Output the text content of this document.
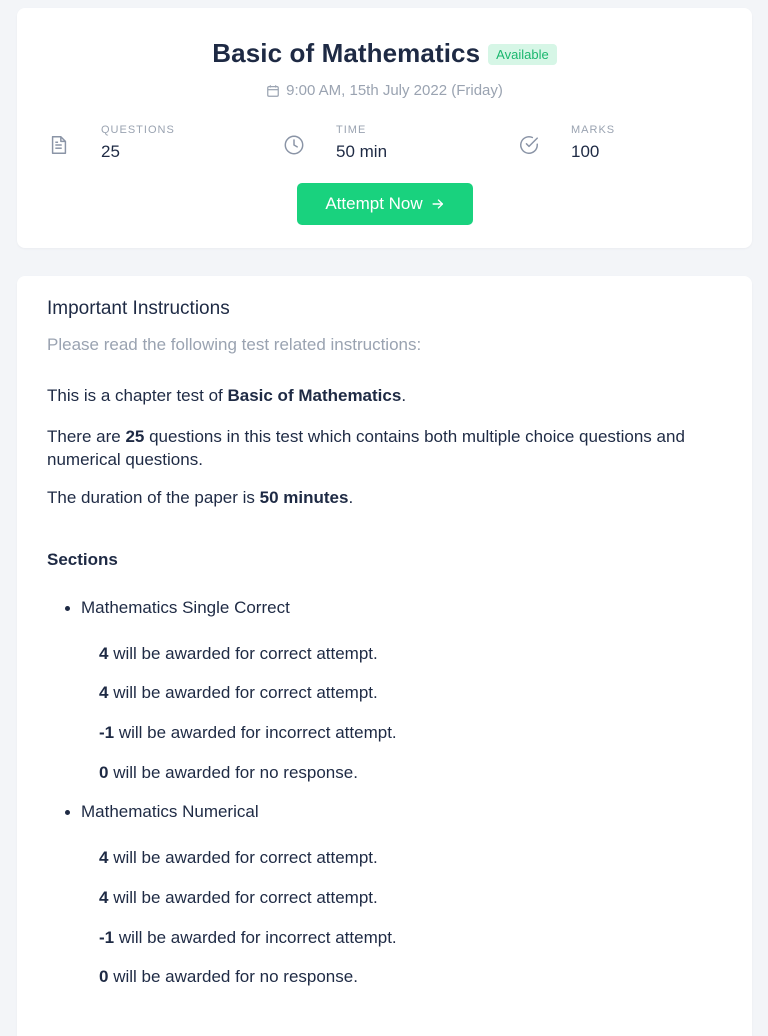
Basic of Mathematics	Available
9:00 AM, 15th July 2022 (Friday)
QUESTIONS
25
TIME
50 min
MARKS
100
Attempt Now
Important Instructions
Please read the following test related instructions:
This is a chapter test of Basic of Mathematics.
There are 25 questions in this test which contains both multiple choice questions and numerical questions.
The duration of the paper is 50 minutes.
Sections
Mathematics Single Correct
4 will be awarded for correct attempt.
4 will be awarded for correct attempt.
-1 will be awarded for incorrect attempt.
0 will be awarded for no response.
Mathematics Numerical
4 will be awarded for correct attempt.
4 will be awarded for correct attempt.
-1 will be awarded for incorrect attempt.
0 will be awarded for no response.
